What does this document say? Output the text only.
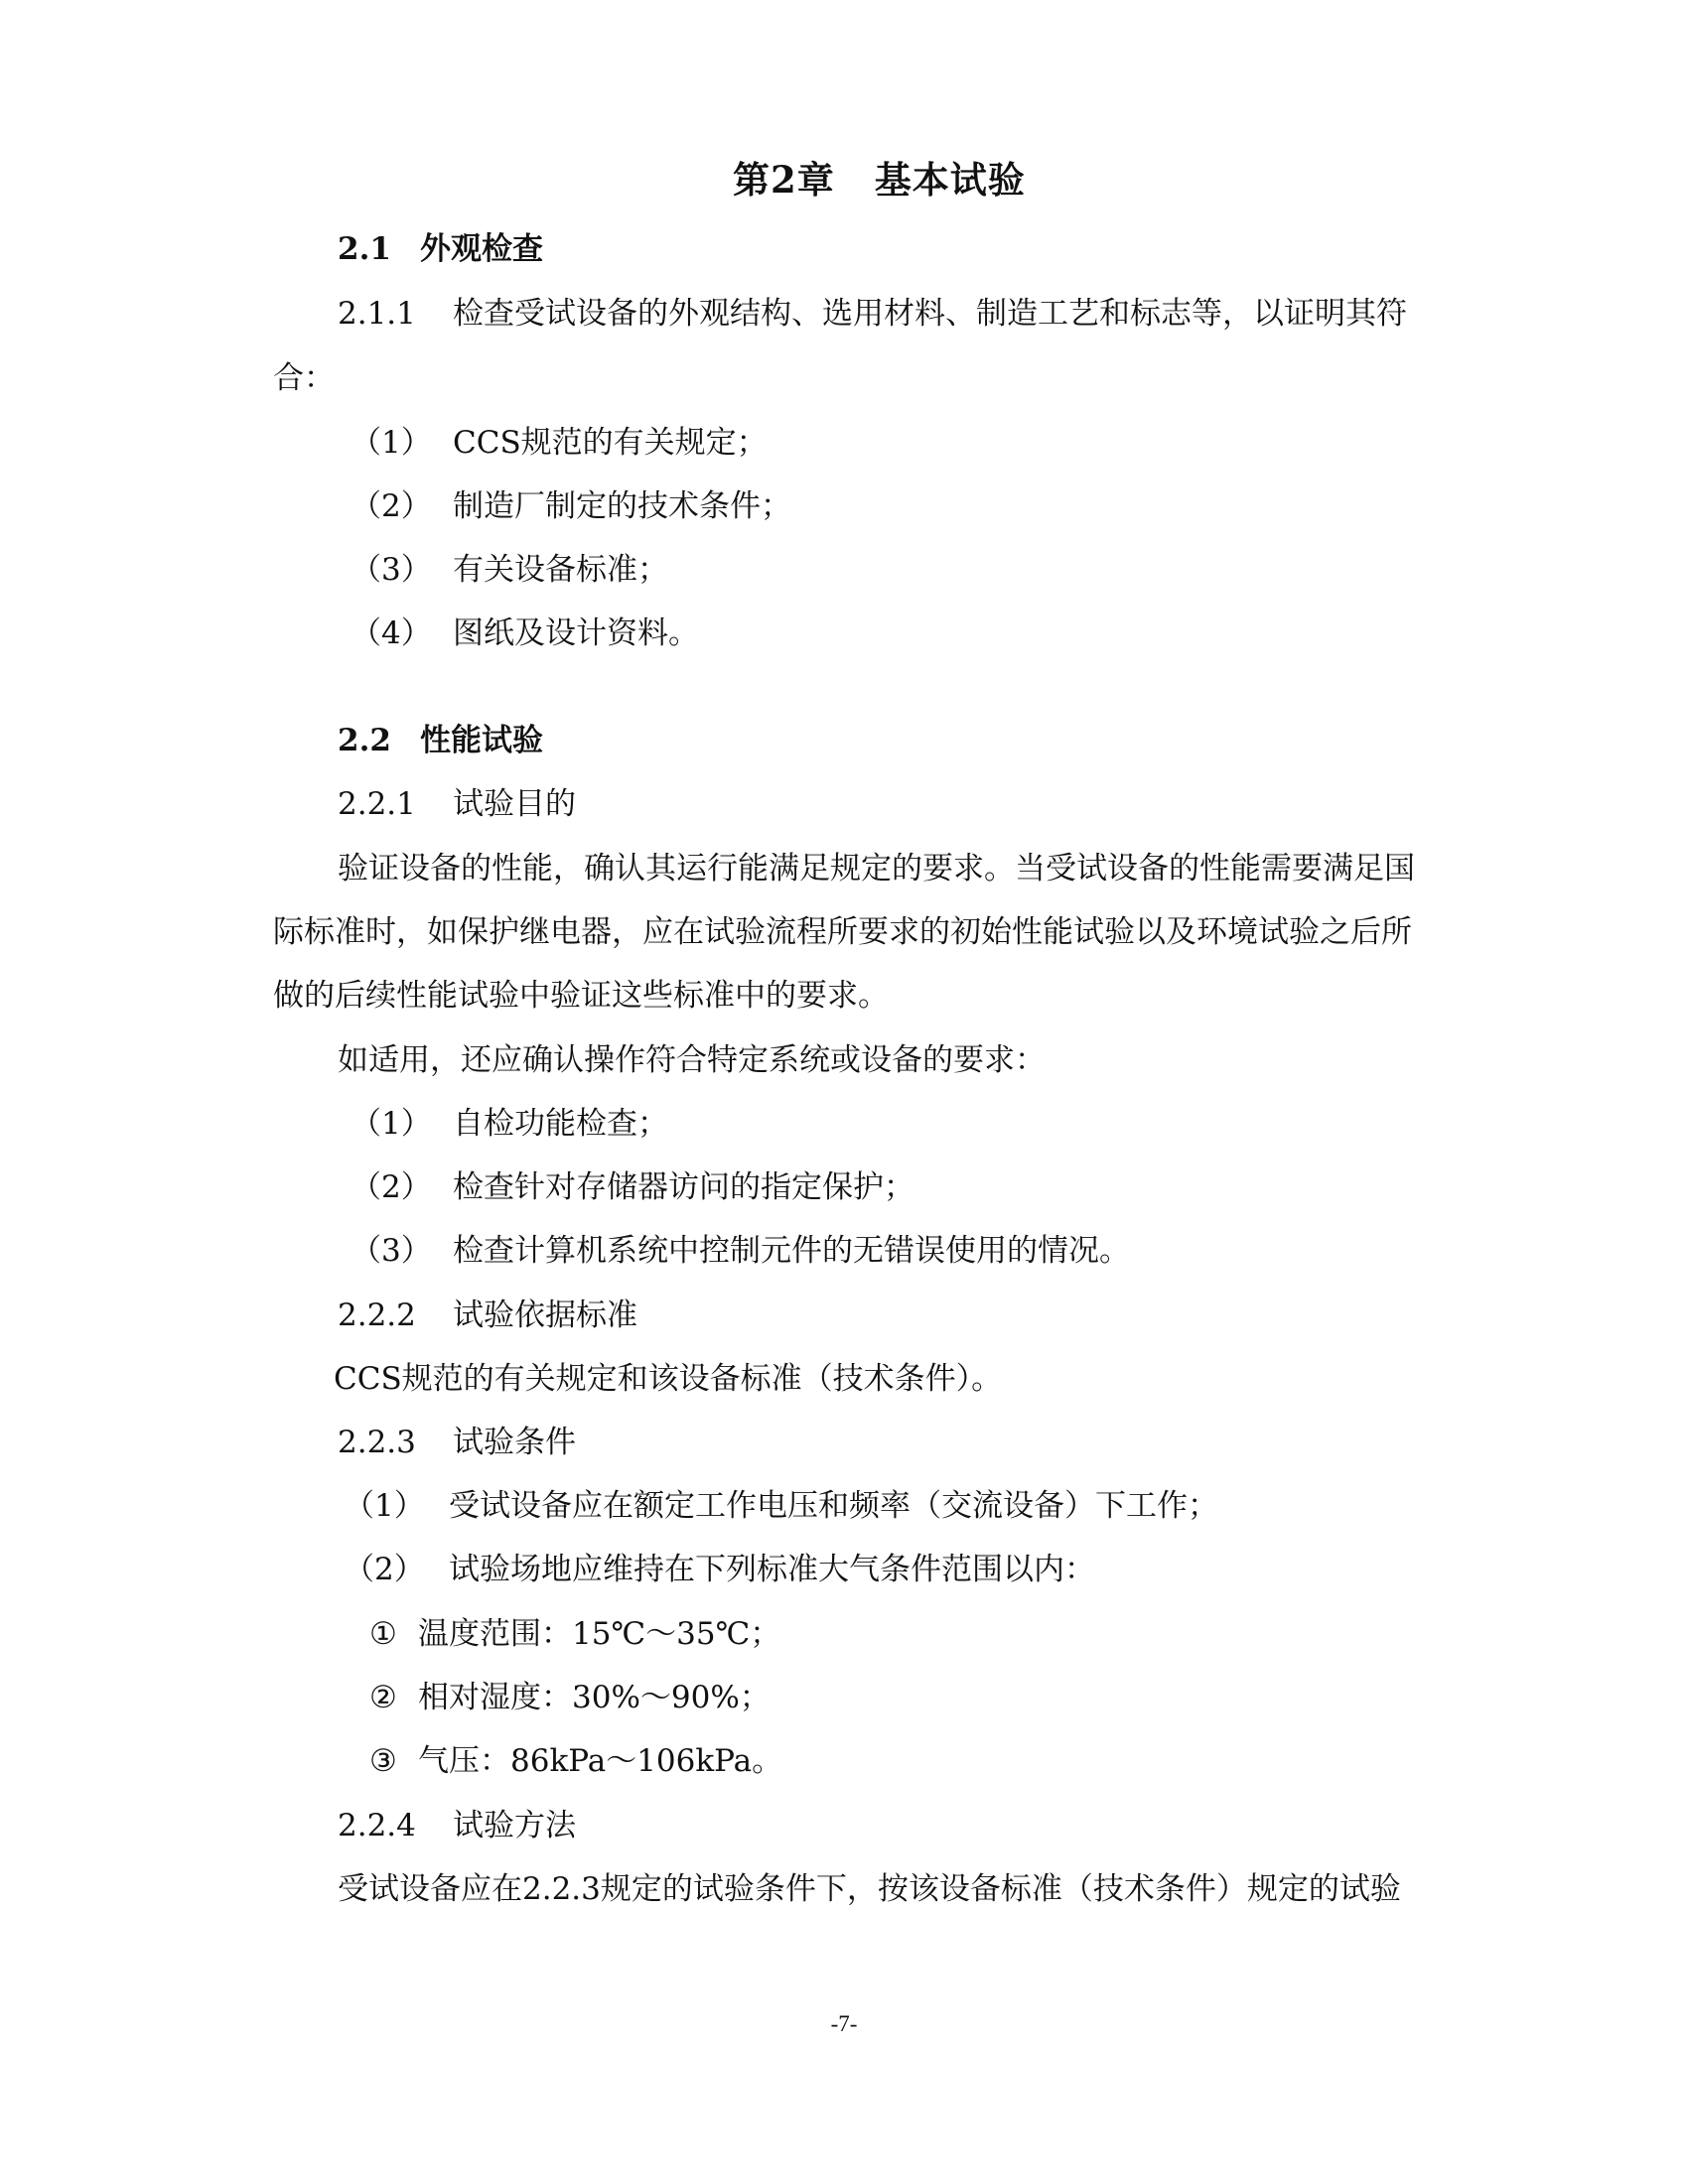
第2章 基本试验
2.1 外观检查
2.1.1 检查受试设备的外观结构、选用材料、制造工艺和标志等，以证明其符
合：
（1） CCS规范的有关规定；
（2） 制造厂制定的技术条件；
（3） 有关设备标准；
（4） 图纸及设计资料。
2.2 性能试验
2.2.1 试验目的
验证设备的性能，确认其运行能满足规定的要求。当受试设备的性能需要满足国
际标准时，如保护继电器，应在试验流程所要求的初始性能试验以及环境试验之后所
做的后续性能试验中验证这些标准中的要求。
如适用，还应确认操作符合特定系统或设备的要求：
（1） 自检功能检查；
（2） 检查针对存储器访问的指定保护；
（3） 检查计算机系统中控制元件的无错误使用的情况。
2.2.2 试验依据标准
CCS规范的有关规定和该设备标准（技术条件）。
2.2.3 试验条件
（1） 受试设备应在额定工作电压和频率（交流设备）下工作；
（2） 试验场地应维持在下列标准大气条件范围以内：
① 温度范围：15℃～35℃；
② 相对湿度：30%～90%；
③ 气压：86kPa～106kPa。
2.2.4 试验方法
受试设备应在2.2.3规定的试验条件下，按该设备标准（技术条件）规定的试验
-7-
